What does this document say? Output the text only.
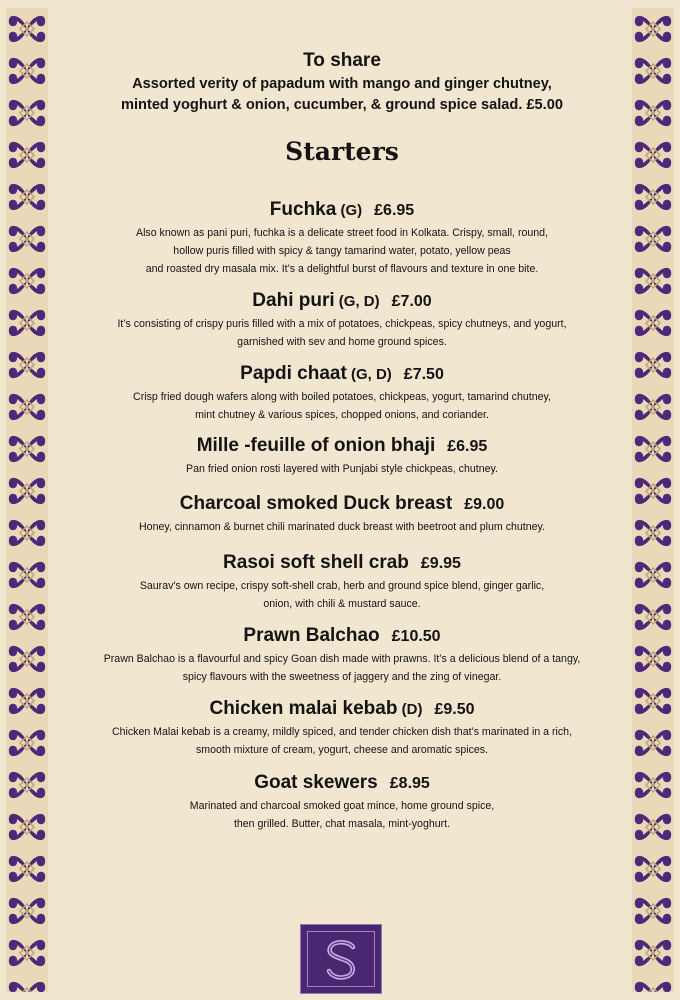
To share
Assorted verity of papadum with mango and ginger chutney,
minted yoghurt & onion, cucumber, & ground spice salad. £5.00
Starters
Fuchka (G) £6.95
Also known as pani puri, fuchka is a delicate street food in Kolkata. Crispy, small, round,
hollow puris filled with spicy & tangy tamarind water, potato, yellow peas
and roasted dry masala mix. It’s a delightful burst of flavours and texture in one bite.
Dahi puri (G, D) £7.00
It’s consisting of crispy puris filled with a mix of potatoes, chickpeas, spicy chutneys, and yogurt,
garnished with sev and home ground spices.
Papdi chaat (G, D) £7.50
Crisp fried dough wafers along with boiled potatoes, chickpeas, yogurt, tamarind chutney,
mint chutney & various spices, chopped onions, and coriander.
Mille -feuille of onion bhaji £6.95
Pan fried onion rosti layered with Punjabi style chickpeas, chutney.
Charcoal smoked Duck breast £9.00
Honey, cinnamon & burnet chili marinated duck breast with beetroot and plum chutney.
Rasoi soft shell crab £9.95
Saurav’s own recipe, crispy soft-shell crab, herb and ground spice blend, ginger garlic,
onion, with chili & mustard sauce.
Prawn Balchao £10.50
Prawn Balchao is a flavourful and spicy Goan dish made with prawns. It’s a delicious blend of a tangy,
spicy flavours with the sweetness of jaggery and the zing of vinegar.
Chicken malai kebab (D) £9.50
Chicken Malai kebab is a creamy, mildly spiced, and tender chicken dish that’s marinated in a rich,
smooth mixture of cream, yogurt, cheese and aromatic spices.
Goat skewers £8.95
Marinated and charcoal smoked goat mince, home ground spice,
then grilled. Butter, chat masala, mint-yoghurt.
